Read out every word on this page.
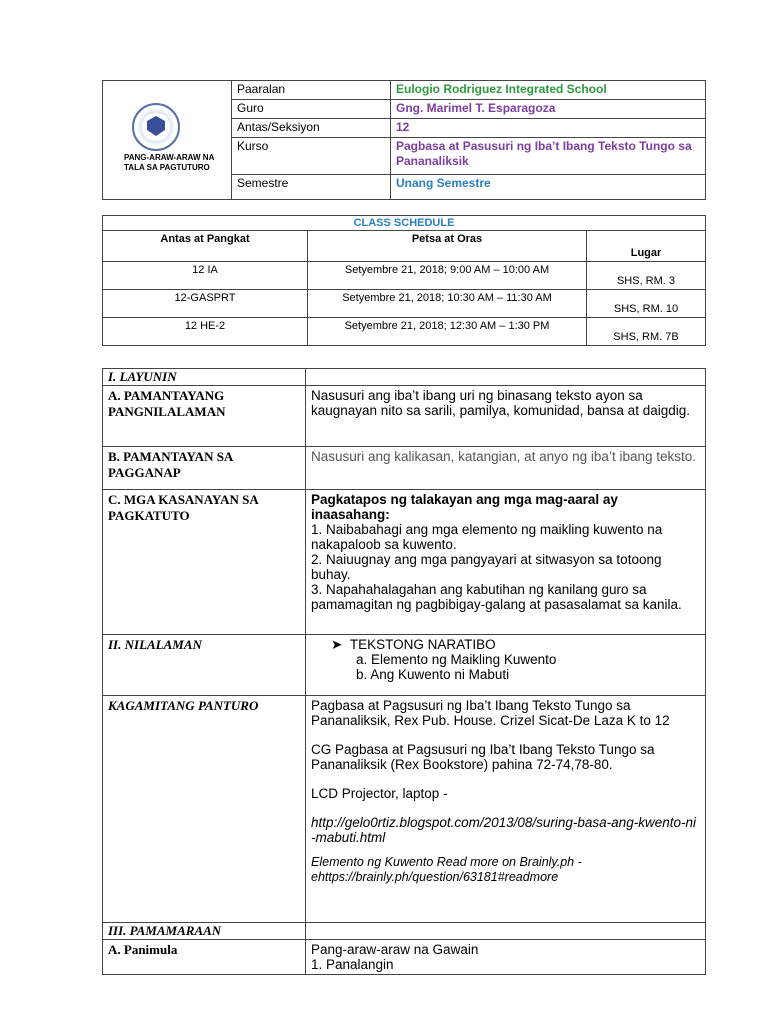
PANG-ARAW-ARAW NA TALA SA PAGTUTURO	Paaralan	Eulogio Rodriguez Integrated School
	Guro	Gng. Marimel T. Esparagoza
	Antas/Seksiyon	12
	Kurso	Pagbasa at Pasusuri ng Iba’t Ibang Teksto Tungo sa Pananaliksik
	Semestre	Unang Semestre
CLASS SCHEDULE		
Antas at Pangkat	Petsa at Oras	Lugar
12 IA	Setyembre 21, 2018; 9:00 AM – 10:00 AM	SHS, RM. 3
12-GASPRT	Setyembre 21, 2018; 10:30 AM – 11:30 AM	SHS, RM. 10
12 HE-2	Setyembre 21, 2018; 12:30 AM – 1:30 PM	SHS, RM. 7B
I. LAYUNIN	
A. PAMANTAYANG PANGNILALAMAN	Nasusuri ang iba’t ibang uri ng binasang teksto ayon sa kaugnayan nito sa sarili, pamilya, komunidad, bansa at daigdig.
B. PAMANTAYAN SA PAGGANAP	Nasusuri ang kalikasan, katangian, at anyo ng iba’t ibang teksto.
C. MGA KASANAYAN SA PAGKATUTO	Pagkatapos ng talakayan ang mga mag-aaral ay inaasahang:
1. Naibabahagi ang mga elemento ng maikling kuwento na nakapaloob sa kuwento.
2. Naiuugnay ang mga pangyayari at sitwasyon sa totoong buhay.
3. Napahahalagahan ang kabutihan ng kanilang guro sa pamamagitan ng pagbibigay-galang at pasasalamat sa kanila.

II. NILALAMAN	➤ TEKSTONG NARATIBO
a. Elemento ng Maikling Kuwento
b. Ang Kuwento ni Mabuti

KAGAMITANG PANTURO	Pagbasa at Pagsusuri ng Iba’t Ibang Teksto Tungo sa Pananaliksik, Rex Pub. House. Crizel Sicat-De Laza K to 12
CG Pagbasa at Pagsusuri ng Iba’t Ibang Teksto Tungo sa Pananaliksik (Rex Bookstore) pahina 72-74,78-80.
LCD Projector, laptop -
http://gelo0rtiz.blogspot.com/2013/08/suring-basa-ang-kwento-ni-mabuti.html
Elemento ng Kuwento Read more on Brainly.ph - ehttps://brainly.ph/question/63181#readmore

III. PAMAMARAAN	
A. Panimula	Pang-araw-araw na Gawain
1. Panalangin
